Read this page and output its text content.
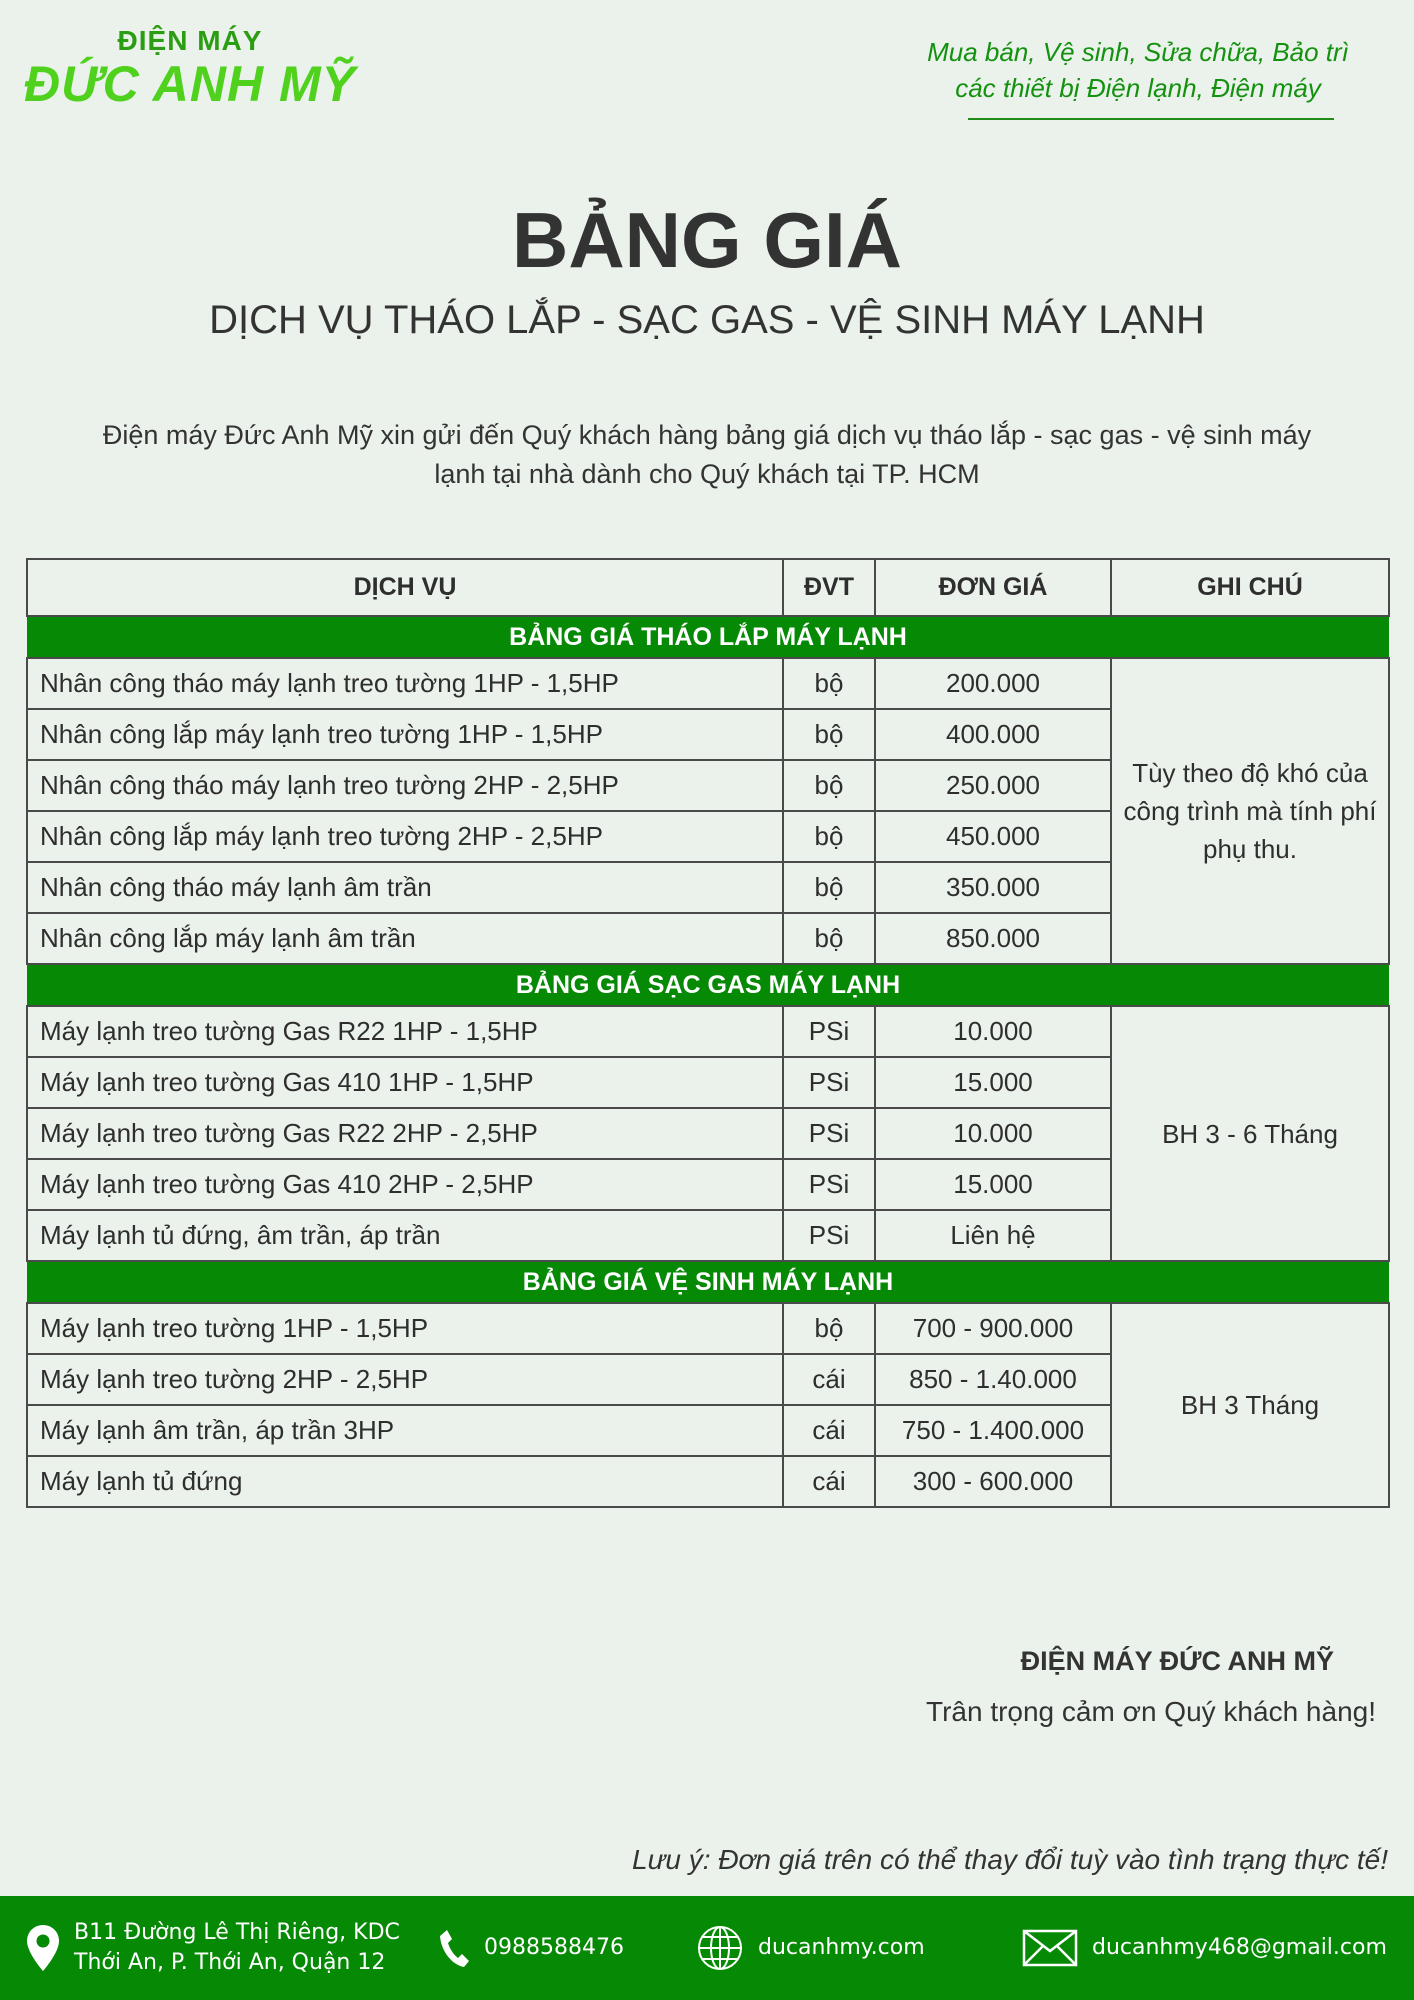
ĐIỆN MÁY
ĐỨC ANH MỸ
Mua bán, Vệ sinh, Sửa chữa, Bảo trì
các thiết bị Điện lạnh, Điện máy
BẢNG GIÁ
DỊCH VỤ THÁO LẮP - SẠC GAS - VỆ SINH MÁY LẠNH
Điện máy Đức Anh Mỹ xin gửi đến Quý khách hàng bảng giá dịch vụ tháo lắp - sạc gas - vệ sinh máy lạnh tại nhà dành cho Quý khách tại TP. HCM
DỊCH VỤ	ĐVT	ĐƠN GIÁ	GHI CHÚ
BẢNG GIÁ THÁO LẮP MÁY LẠNH			
Nhân công tháo máy lạnh treo tường 1HP - 1,5HP	bộ	200.000	Tùy theo độ khó của công trình mà tính phí phụ thu.
Nhân công lắp máy lạnh treo tường 1HP - 1,5HP	bộ	400.000	
Nhân công tháo máy lạnh treo tường 2HP - 2,5HP	bộ	250.000	
Nhân công lắp máy lạnh treo tường 2HP - 2,5HP	bộ	450.000	
Nhân công tháo máy lạnh âm trần	bộ	350.000	
Nhân công lắp máy lạnh âm trần	bộ	850.000	
BẢNG GIÁ SẠC GAS MÁY LẠNH			
Máy lạnh treo tường Gas R22 1HP - 1,5HP	PSi	10.000	BH 3 - 6 Tháng
Máy lạnh treo tường Gas 410 1HP - 1,5HP	PSi	15.000	
Máy lạnh treo tường Gas R22 2HP - 2,5HP	PSi	10.000	
Máy lạnh treo tường Gas 410 2HP - 2,5HP	PSi	15.000	
Máy lạnh tủ đứng, âm trần, áp trần	PSi	Liên hệ	
BẢNG GIÁ VỆ SINH MÁY LẠNH			
Máy lạnh treo tường 1HP - 1,5HP	bộ	700 - 900.000	BH 3 Tháng
Máy lạnh treo tường 2HP - 2,5HP	cái	850 - 1.40.000	
Máy lạnh âm trần, áp trần 3HP	cái	750 - 1.400.000	
Máy lạnh tủ đứng	cái	300 - 600.000	
ĐIỆN MÁY ĐỨC ANH MỸ
Trân trọng cảm ơn Quý khách hàng!
Lưu ý: Đơn giá trên có thể thay đổi tuỳ vào tình trạng thực tế!
B11 Đường Lê Thị Riêng, KDC
Thới An, P. Thới An, Quận 12
0988588476	ducanhmy.com	ducanhmy468@gmail.com
